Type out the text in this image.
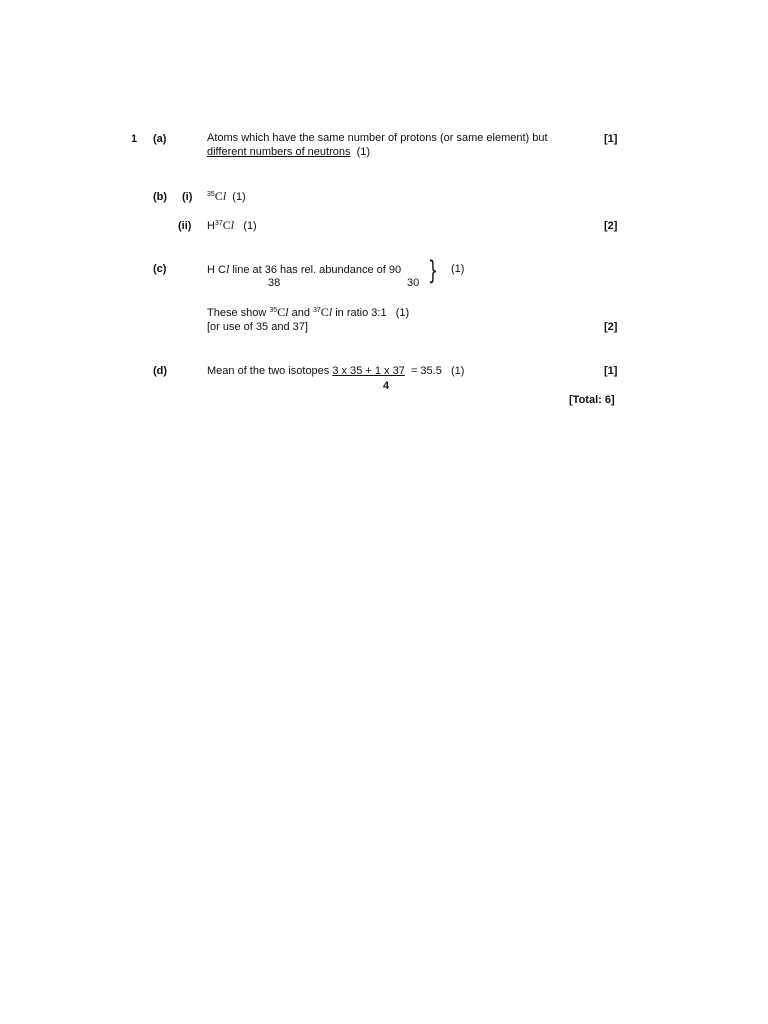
1 (a)	Atoms which have the same number of protons (or same element) but	[1]
different numbers of neutrons (1)
(b) (i) $^{35}$Cl (1)
(ii) $H^{37}Cl$ (1)	[2]
(c)	H Cl line at 36 has rel. abundance of 90 } (1)
38	30
These show $^{35}$Cl and $^{37}$Cl in ratio 3:1 (1)
[or use of 35 and 37]	[2]
(d)	Mean of the two isotopes 3 x 35 + 1 x 37 = 35.5 (1)	[1]
4
[Total: 6]
